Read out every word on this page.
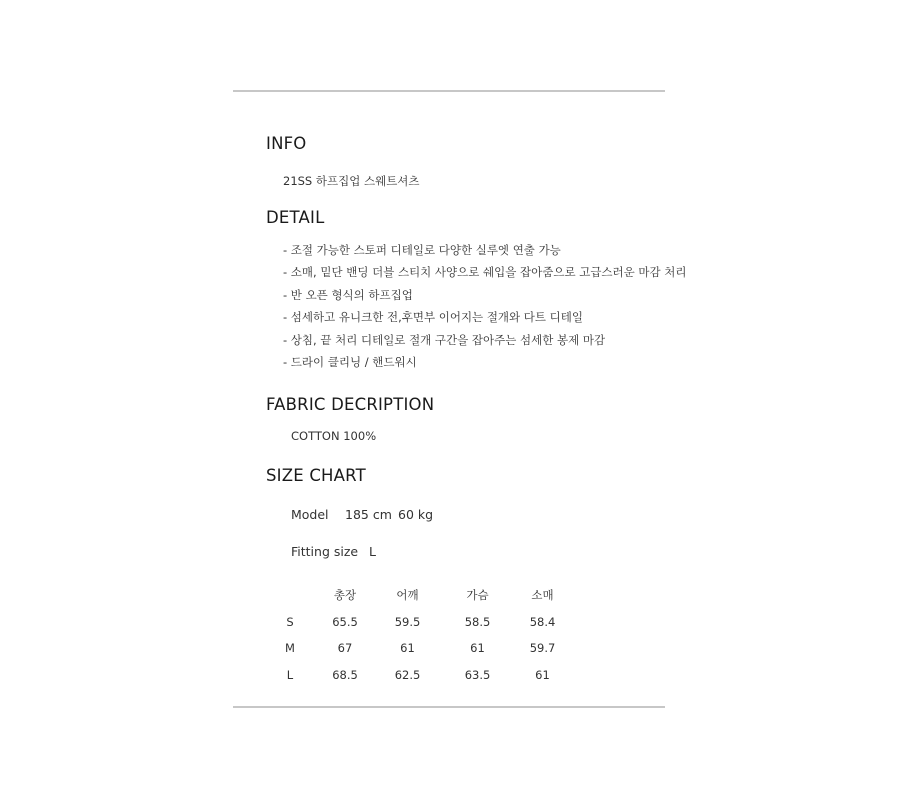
INFO
21SS 하프집업 스웨트셔츠
DETAIL
- 조절 가능한 스토퍼 디테일로 다양한 실루엣 연출 가능
- 소매, 밑단 밴딩 더블 스티치 사양으로 쉐입을 잡아줌으로 고급스러운 마감 처리
- 반 오픈 형식의 하프집업
- 섬세하고 유니크한 전,후면부 이어지는 절개와 다트 디테일
- 상침, 끝 처리 디테일로 절개 구간을 잡아주는 섬세한 봉제 마감
- 드라이 클리닝 / 핸드워시
FABRIC DECRIPTION
COTTON 100%
SIZE CHART
Model 185 cm 60 kg
Fitting size L
	총장	어깨	가슴	소매
S	65.5	59.5	58.5	58.4
M	67	61	61	59.7
L	68.5	62.5	63.5	61
